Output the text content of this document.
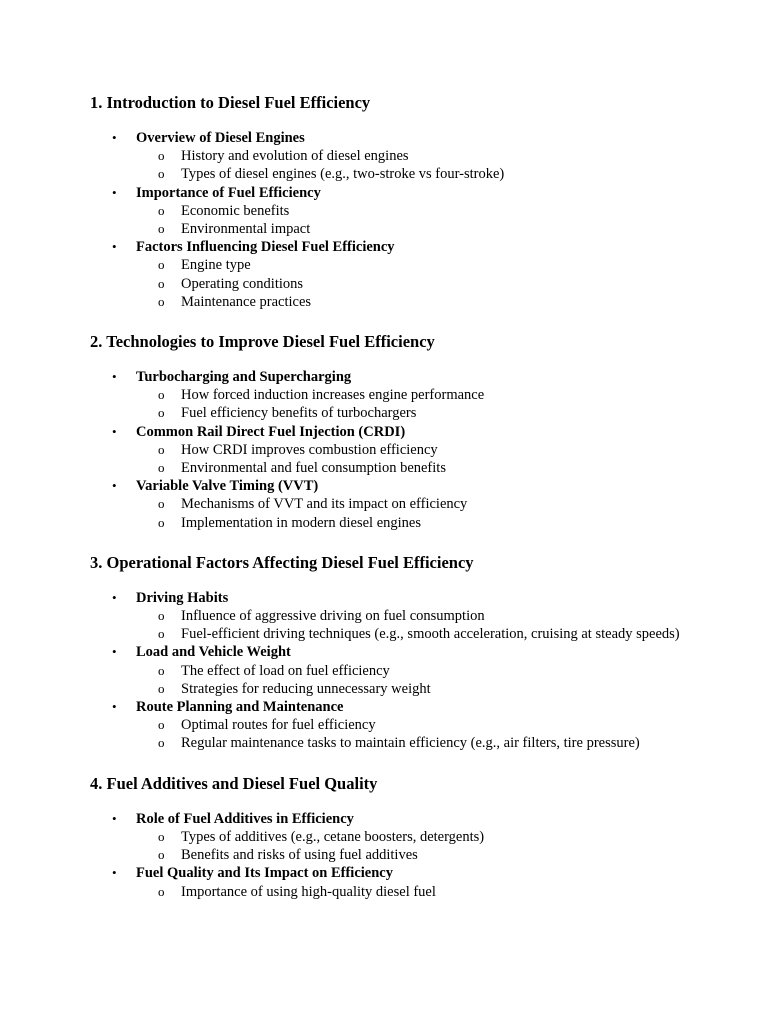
1. Introduction to Diesel Fuel Efficiency
• Overview of Diesel Engines
o History and evolution of diesel engines
o Types of diesel engines (e.g., two-stroke vs four-stroke)
• Importance of Fuel Efficiency
o Economic benefits
o Environmental impact
• Factors Influencing Diesel Fuel Efficiency
o Engine type
o Operating conditions
o Maintenance practices
2. Technologies to Improve Diesel Fuel Efficiency
• Turbocharging and Supercharging
o How forced induction increases engine performance
o Fuel efficiency benefits of turbochargers
• Common Rail Direct Fuel Injection (CRDI)
o How CRDI improves combustion efficiency
o Environmental and fuel consumption benefits
• Variable Valve Timing (VVT)
o Mechanisms of VVT and its impact on efficiency
o Implementation in modern diesel engines
3. Operational Factors Affecting Diesel Fuel Efficiency
• Driving Habits
o Influence of aggressive driving on fuel consumption
o Fuel-efficient driving techniques (e.g., smooth acceleration, cruising at steady speeds)
• Load and Vehicle Weight
o The effect of load on fuel efficiency
o Strategies for reducing unnecessary weight
• Route Planning and Maintenance
o Optimal routes for fuel efficiency
o Regular maintenance tasks to maintain efficiency (e.g., air filters, tire pressure)
4. Fuel Additives and Diesel Fuel Quality
• Role of Fuel Additives in Efficiency
o Types of additives (e.g., cetane boosters, detergents)
o Benefits and risks of using fuel additives
• Fuel Quality and Its Impact on Efficiency
o Importance of using high-quality diesel fuel
